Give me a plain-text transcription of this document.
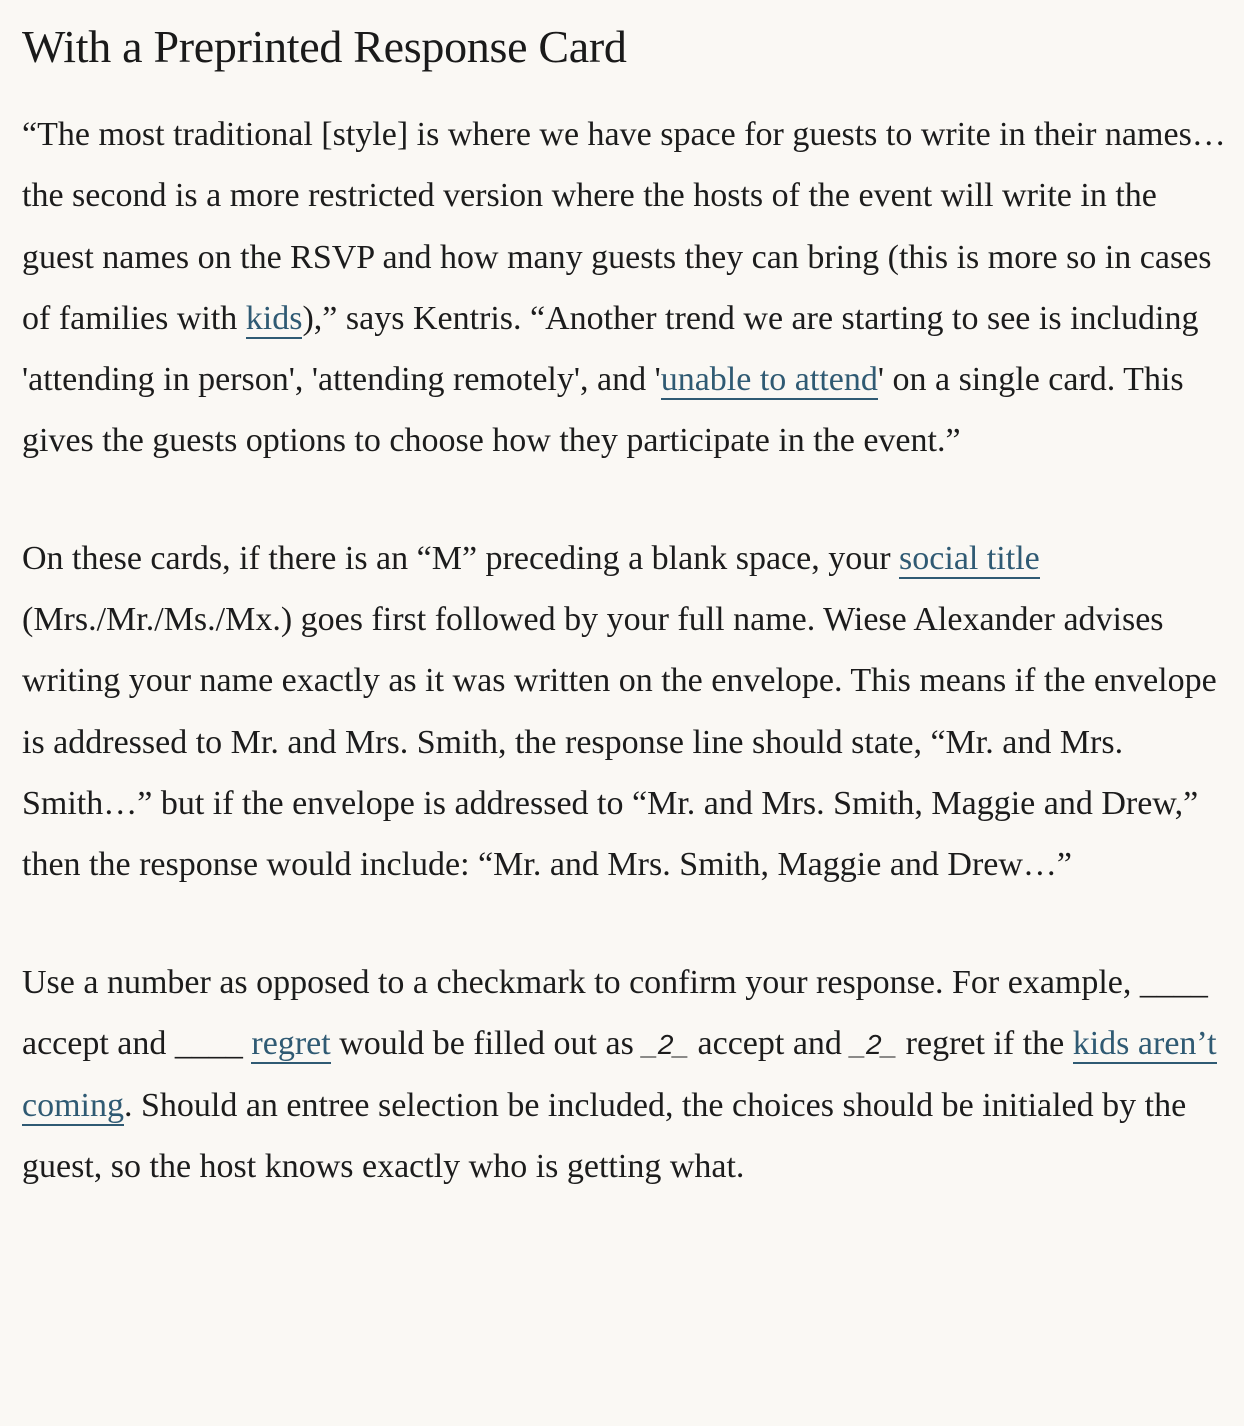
With a Preprinted Response Card

“The most traditional [style] is where we have space for guests to write in their names…the second is a more restricted version where the hosts of the event will write in the guest names on the RSVP and how many guests they can bring (this is more so in cases of families with kids),” says Kentris. “Another trend we are starting to see is including 'attending in person', 'attending remotely', and 'unable to attend' on a single card. This gives the guests options to choose how they participate in the event.”

On these cards, if there is an “M” preceding a blank space, your social title (Mrs./Mr./Ms./Mx.) goes first followed by your full name. Wiese Alexander advises writing your name exactly as it was written on the envelope. This means if the envelope is addressed to Mr. and Mrs. Smith, the response line should state, “Mr. and Mrs. Smith…” but if the envelope is addressed to “Mr. and Mrs. Smith, Maggie and Drew,” then the response would include: “Mr. and Mrs. Smith, Maggie and Drew…”

Use a number as opposed to a checkmark to confirm your response. For example, ____ accept and ____ regret would be filled out as _2_ accept and _2_ regret if the kids aren’t coming. Should an entree selection be included, the choices should be initialed by the guest, so the host knows exactly who is getting what.
